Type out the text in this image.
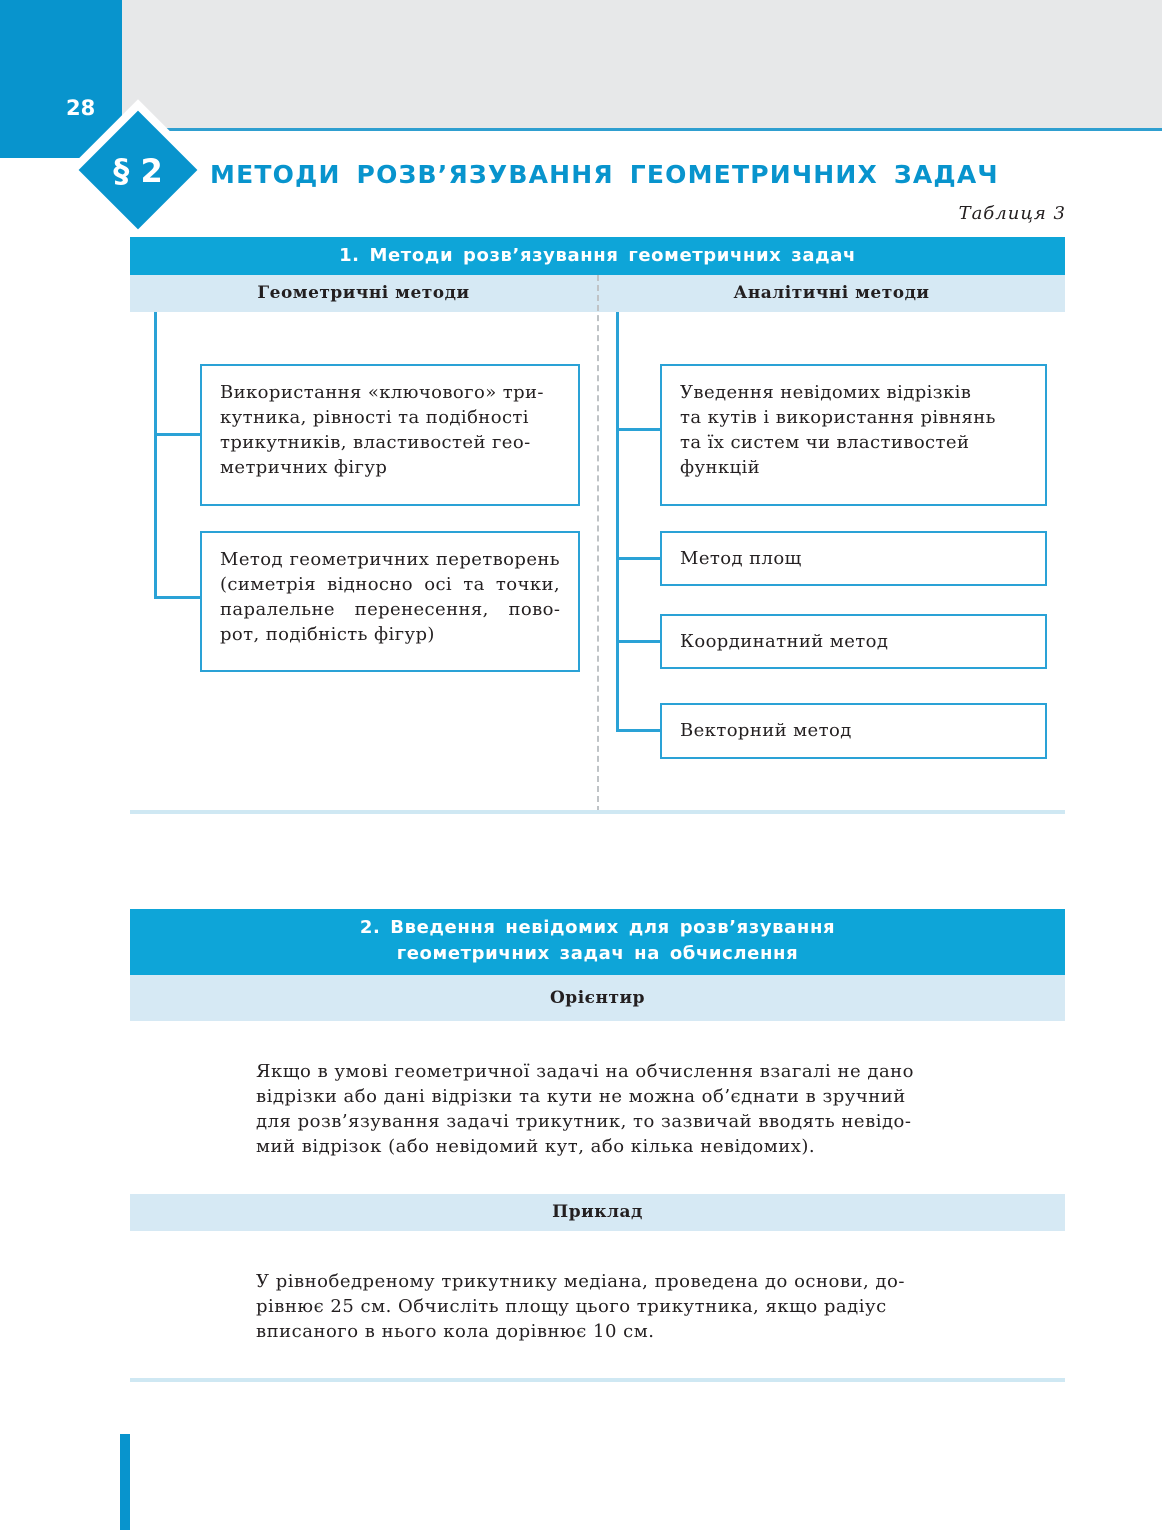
28
§ 2	МЕТОДИ РОЗВ’ЯЗУВАННЯ ГЕОМЕТРИЧНИХ ЗАДАЧ
Таблиця 3
1. Методи розв’язування геометричних задач
Геометричні методи	Аналітичні методи
Використання «ключового» три-
кутника, рівності та подібності
трикутників, властивостей гео-
метричних фігур
Метод геометричних перетворень (симетрія відносно осі та точки, паралельне перенесення, поворот, подібність фігур)
Уведення невідомих відрізків
та кутів і використання рівнянь
та їх систем чи властивостей
функцій
Метод площ
Координатний метод
Векторний метод
2. Введення невідомих для розв’язування
геометричних задач на обчислення
Орієнтир
Якщо в умові геометричної задачі на обчислення взагалі не дано
відрізки або дані відрізки та кути не можна об’єднати в зручний
для розв’язування задачі трикутник, то зазвичай вводять невідо-
мий відрізок (або невідомий кут, або кілька невідомих).
Приклад
У рівнобедреному трикутнику медіана, проведена до основи, до-
рівнює 25 см. Обчисліть площу цього трикутника, якщо радіус
вписаного в нього кола дорівнює 10 см.
